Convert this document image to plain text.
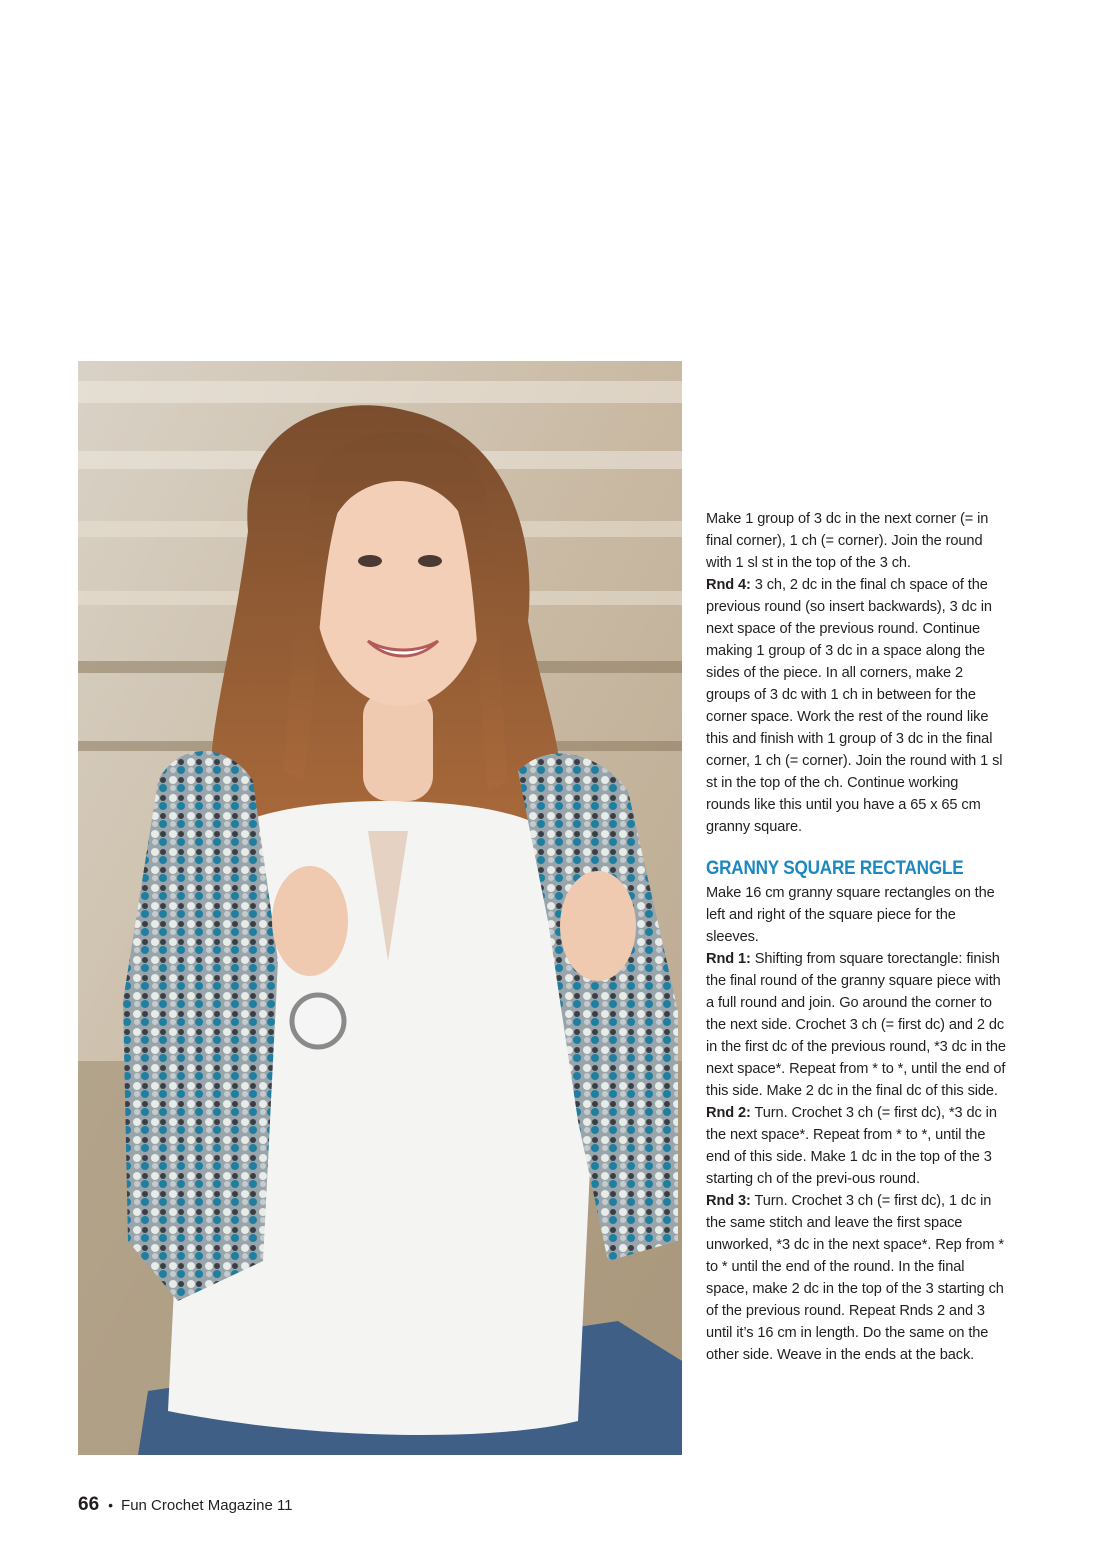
Make 1 group of 3 dc in the next corner (= in final corner), 1 ch (= corner). Join the round with 1 sl st in the top of the 3 ch.

Rnd 4: 3 ch, 2 dc in the final ch space of the previous round (so insert backwards), 3 dc in next space of the previous round. Continue making 1 group of 3 dc in a space along the sides of the piece. In all corners, make 2 groups of 3 dc with 1 ch in between for the corner space. Work the rest of the round like this and finish with 1 group of 3 dc in the final corner, 1 ch (= corner). Join the round with 1 sl st in the top of the ch. Continue working rounds like this until you have a 65 x 65 cm granny square.

GRANNY SQUARE RECTANGLE

Make 16 cm granny square rectangles on the left and right of the square piece for the sleeves.

Rnd 1: Shifting from square torectangle: finish the final round of the granny square piece with a full round and join. Go around the corner to the next side. Crochet 3 ch (= first dc) and 2 dc in the first dc of the previous round, *3 dc in the next space*. Repeat from * to *, until the end of this side. Make 2 dc in the final dc of this side.

Rnd 2: Turn. Crochet 3 ch (= first dc), *3 dc in the next space*. Repeat from * to *, until the end of this side. Make 1 dc in the top of the 3 starting ch of the previ-ous round.

Rnd 3: Turn. Crochet 3 ch (= first dc), 1 dc in the same stitch and leave the first space unworked, *3 dc in the next space*. Rep from * to * until the end of the round. In the final space, make 2 dc in the top of the 3 starting ch of the previous round. Repeat Rnds 2 and 3 until it’s 16 cm in length. Do the same on the other side. Weave in the ends at the back.

66 • Fun Crochet Magazine 11
